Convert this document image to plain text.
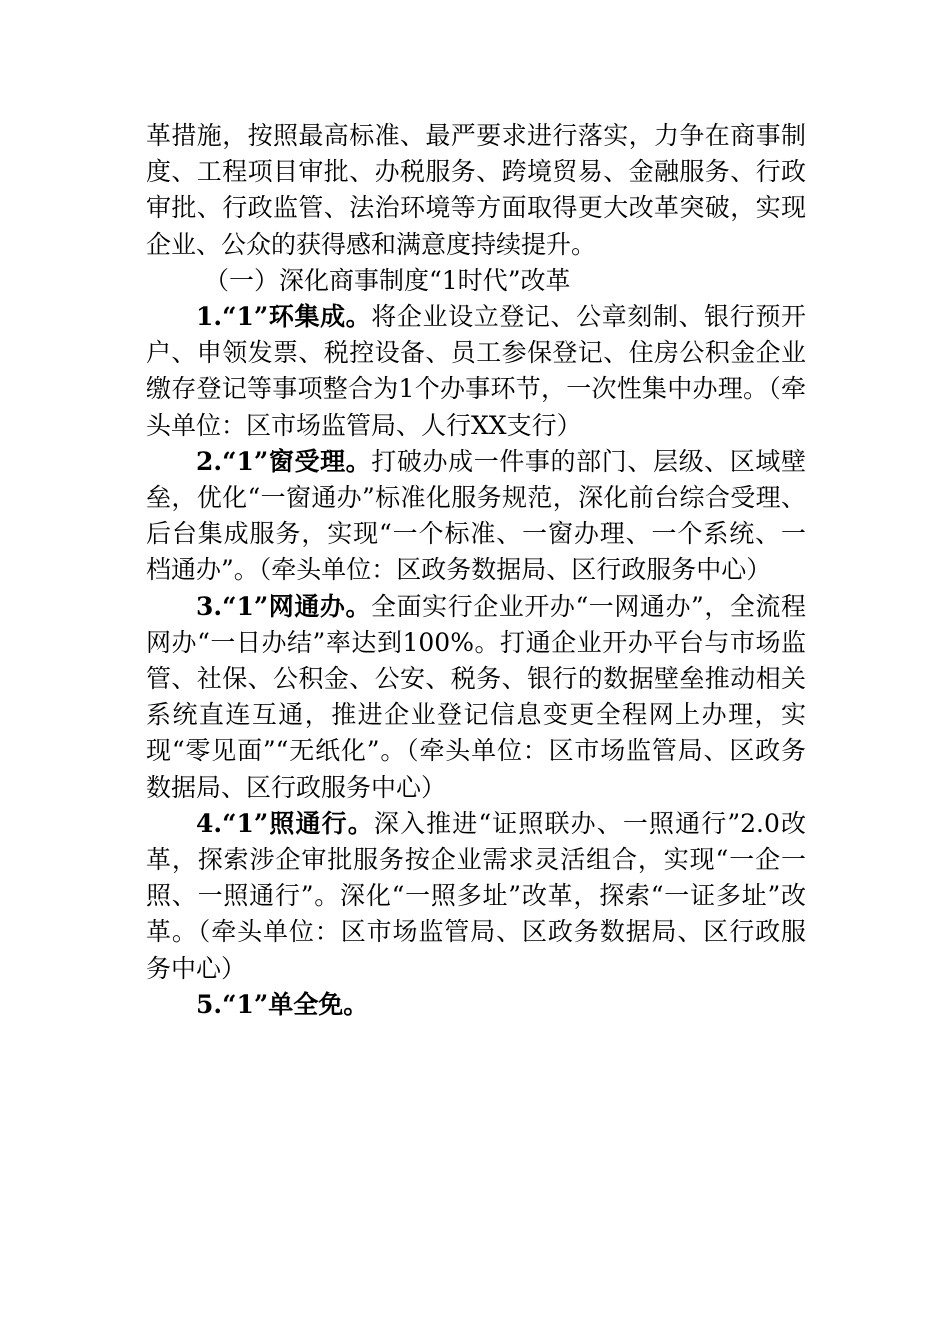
革措施，按照最高标准、最严要求进行落实，力争在商事制度、工程项目审批、办税服务、跨境贸易、金融服务、行政审批、行政监管、法治环境等方面取得更大改革突破，实现企业、公众的获得感和满意度持续提升。

（一）深化商事制度“1时代”改革

1.“1”环集成。将企业设立登记、公章刻制、银行预开户、申领发票、税控设备、员工参保登记、住房公积金企业缴存登记等事项整合为1个办事环节，一次性集中办理。（牵头单位：区市场监管局、人行XX支行）

2.“1”窗受理。打破办成一件事的部门、层级、区域壁垒，优化“一窗通办”标准化服务规范，深化前台综合受理、后台集成服务，实现“一个标准、一窗办理、一个系统、一档通办”。（牵头单位：区政务数据局、区行政服务中心）

3.“1”网通办。全面实行企业开办“一网通办”，全流程网办“一日办结”率达到100%。打通企业开办平台与市场监管、社保、公积金、公安、税务、银行的数据壁垒推动相关系统直连互通，推进企业登记信息变更全程网上办理，实现“零见面”“无纸化”。（牵头单位：区市场监管局、区政务数据局、区行政服务中心）

4.“1”照通行。深入推进“证照联办、一照通行”2.0改革，探索涉企审批服务按企业需求灵活组合，实现“一企一照、一照通行”。深化“一照多址”改革，探索“一证多址”改革。（牵头单位：区市场监管局、区政务数据局、区行政服务中心）

5.“1”单全免。
